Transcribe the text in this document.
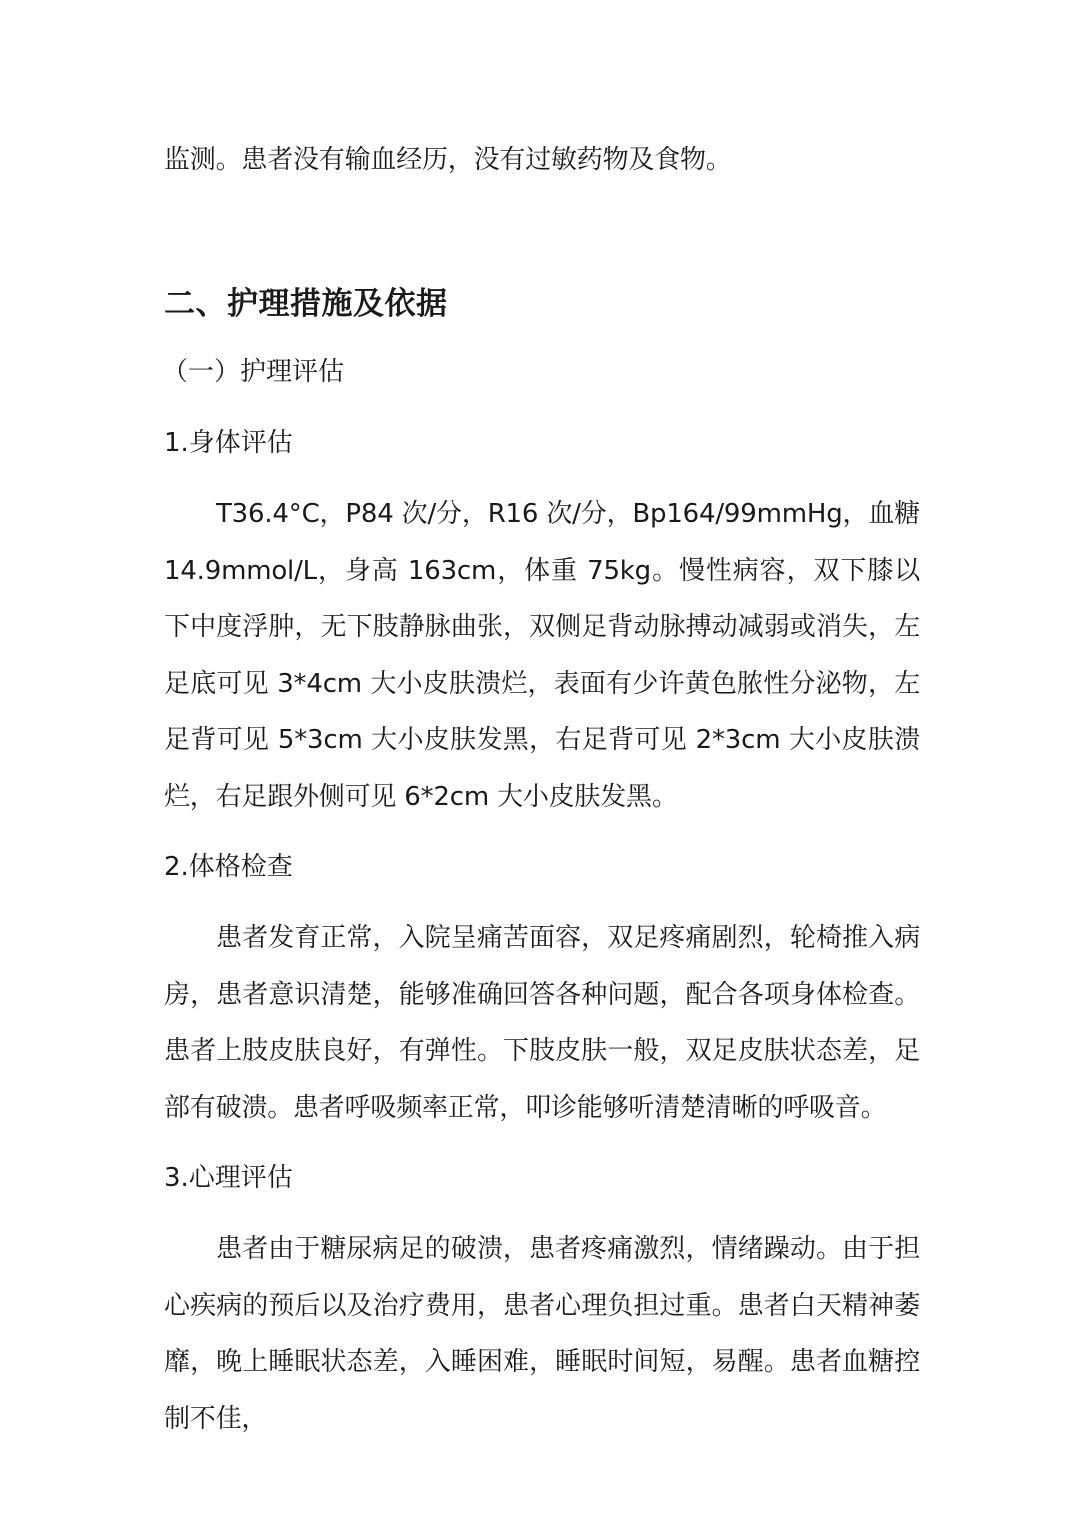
监测。患者没有输血经历，没有过敏药物及食物。

二、护理措施及依据
（一）护理评估
1.身体评估

T36.4°C，P84 次/分，R16 次/分，Bp164/99mmHg，血糖 14.9mmol/L，身高 163cm，体重 75kg。慢性病容，双下膝以下中度浮肿，无下肢静脉曲张，双侧足背动脉搏动减弱或消失，左足底可见 3*4cm 大小皮肤溃烂，表面有少许黄色脓性分泌物，左足背可见 5*3cm 大小皮肤发黑，右足背可见 2*3cm 大小皮肤溃烂，右足跟外侧可见 6*2cm 大小皮肤发黑。

2.体格检查

患者发育正常，入院呈痛苦面容，双足疼痛剧烈，轮椅推入病房，患者意识清楚，能够准确回答各种问题，配合各项身体检查。患者上肢皮肤良好，有弹性。下肢皮肤一般，双足皮肤状态差，足部有破溃。患者呼吸频率正常，叩诊能够听清楚清晰的呼吸音。

3.心理评估

患者由于糖尿病足的破溃，患者疼痛激烈，情绪躁动。由于担心疾病的预后以及治疗费用，患者心理负担过重。患者白天精神萎靡，晚上睡眠状态差，入睡困难，睡眠时间短，易醒。患者血糖控制不佳，
